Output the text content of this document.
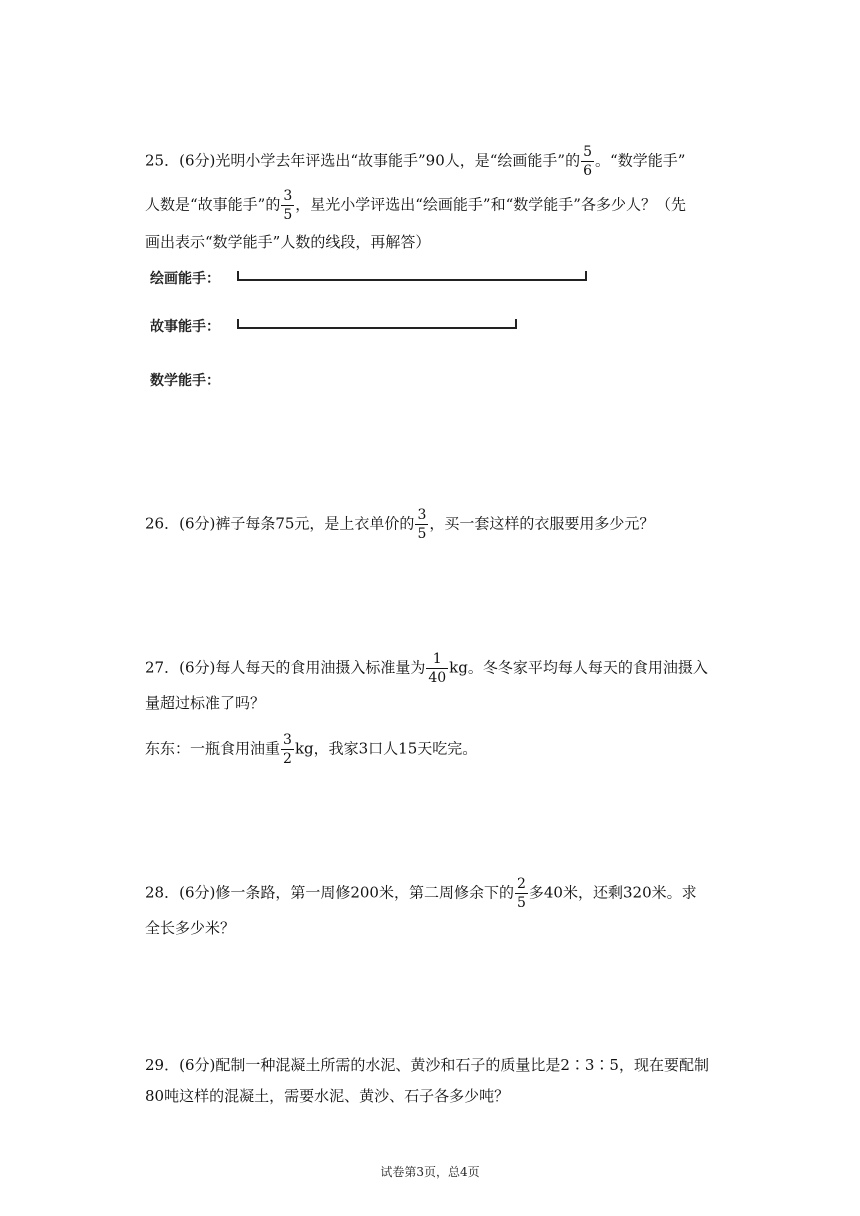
25．(6分)光明小学去年评选出“故事能手”90人，是“绘画能手”的 $\frac{5}{6}$ 。“数学能手”
人数是“故事能手”的 $\frac{3}{5}$ ，星光小学评选出“绘画能手”和“数学能手”各多少人？（先
画出表示“数学能手”人数的线段，再解答）
绘画能手：
故事能手：
数学能手：
26．(6分)裤子每条75元，是上衣单价的 $\frac{3}{5}$ ，买一套这样的衣服要用多少元？
27．(6分)每人每天的食用油摄入标准量为 $\frac{1}{40}$ kg。冬冬家平均每人每天的食用油摄入
量超过标准了吗？
东东：一瓶食用油重 $\frac{3}{2}$ kg，我家3口人15天吃完。
28．(6分)修一条路，第一周修200米，第二周修余下的 $\frac{2}{5}$ 多40米，还剩320米。求
全长多少米？
29．(6分)配制一种混凝土所需的水泥、黄沙和石子的质量比是2∶3∶5，现在要配制
80吨这样的混凝土，需要水泥、黄沙、石子各多少吨？
试卷第3页，总4页
